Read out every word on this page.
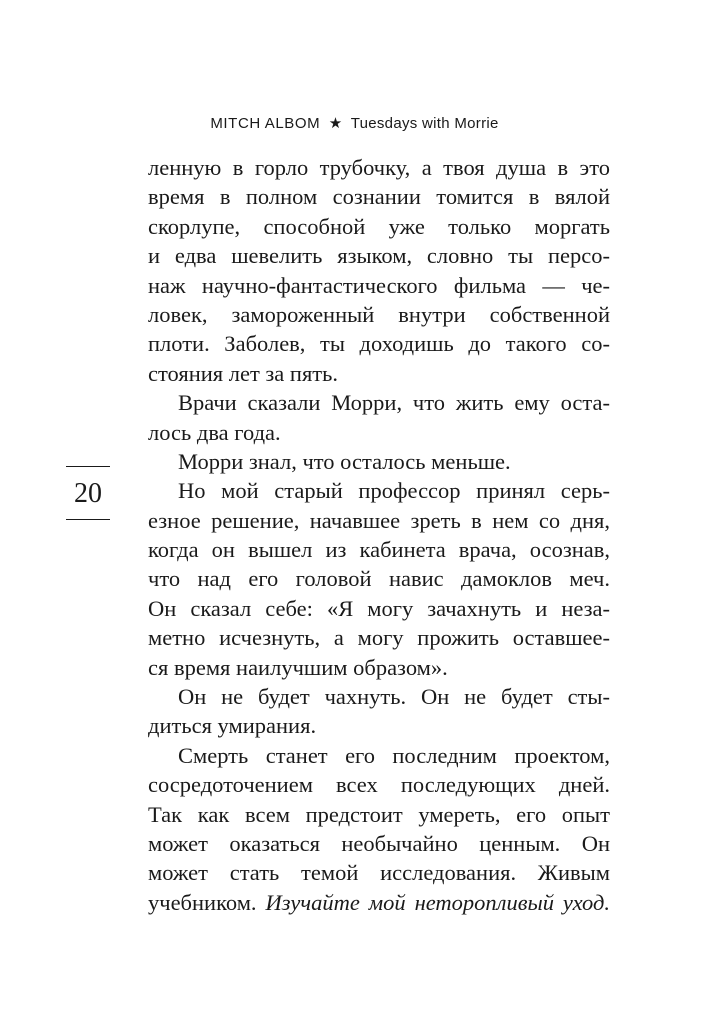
MITCH ALBOM ★ Tuesdays with Morrie
20
ленную в горло трубочку, а твоя душа в это
время в полном сознании томится в вялой
скорлупе, способной уже только моргать
и едва шевелить языком, словно ты персо-
наж научно-фантастического фильма — че-
ловек, замороженный внутри собственной
плоти. Заболев, ты доходишь до такого со-
стояния лет за пять.
Врачи сказали Морри, что жить ему оста-
лось два года.
Морри знал, что осталось меньше.
Но мой старый профессор принял серь-
езное решение, начавшее зреть в нем со дня,
когда он вышел из кабинета врача, осознав,
что над его головой навис дамоклов меч.
Он сказал себе: «Я могу зачахнуть и неза-
метно исчезнуть, а могу прожить оставшее-
ся время наилучшим образом».
Он не будет чахнуть. Он не будет сты-
диться умирания.
Смерть станет его последним проектом,
сосредоточением всех последующих дней.
Так как всем предстоит умереть, его опыт
может оказаться необычайно ценным. Он
может стать темой исследования. Живым
учебником. Изучайте мой неторопливый уход.
